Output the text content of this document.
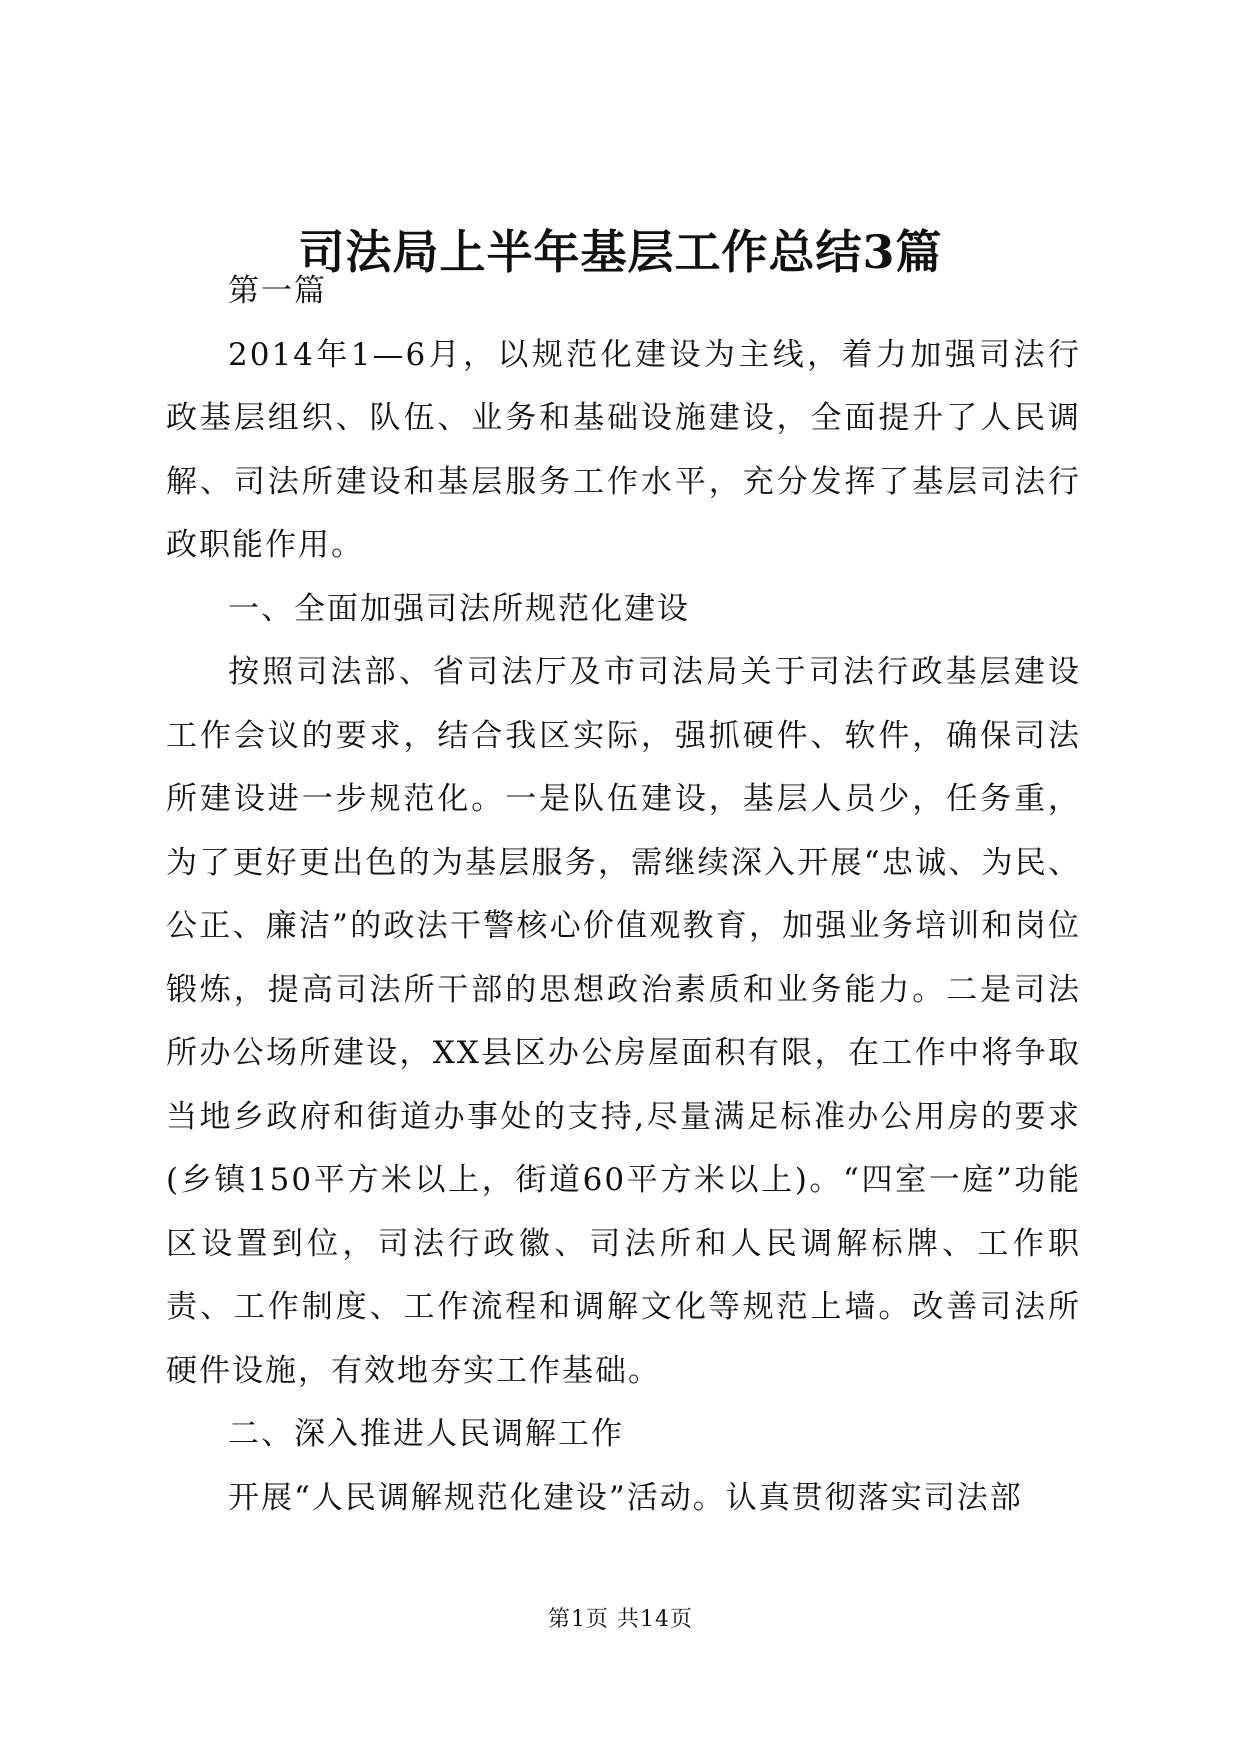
司法局上半年基层工作总结3篇

第一篇

2014年1—6月，以规范化建设为主线，着力加强司法行政基层组织、队伍、业务和基础设施建设，全面提升了人民调解、司法所建设和基层服务工作水平，充分发挥了基层司法行政职能作用。

一、全面加强司法所规范化建设

按照司法部、省司法厅及市司法局关于司法行政基层建设工作会议的要求，结合我区实际，强抓硬件、软件，确保司法所建设进一步规范化。一是队伍建设，基层人员少，任务重，为了更好更出色的为基层服务，需继续深入开展“忠诚、为民、公正、廉洁”的政法干警核心价值观教育，加强业务培训和岗位锻炼，提高司法所干部的思想政治素质和业务能力。二是司法所办公场所建设，XX县区办公房屋面积有限，在工作中将争取当地乡政府和街道办事处的支持,尽量满足标准办公用房的要求(乡镇150平方米以上，街道60平方米以上)。“四室一庭”功能区设置到位，司法行政徽、司法所和人民调解标牌、工作职责、工作制度、工作流程和调解文化等规范上墙。改善司法所硬件设施，有效地夯实工作基础。

二、深入推进人民调解工作

开展“人民调解规范化建设”活动。认真贯彻落实司法部

第1页 共14页
